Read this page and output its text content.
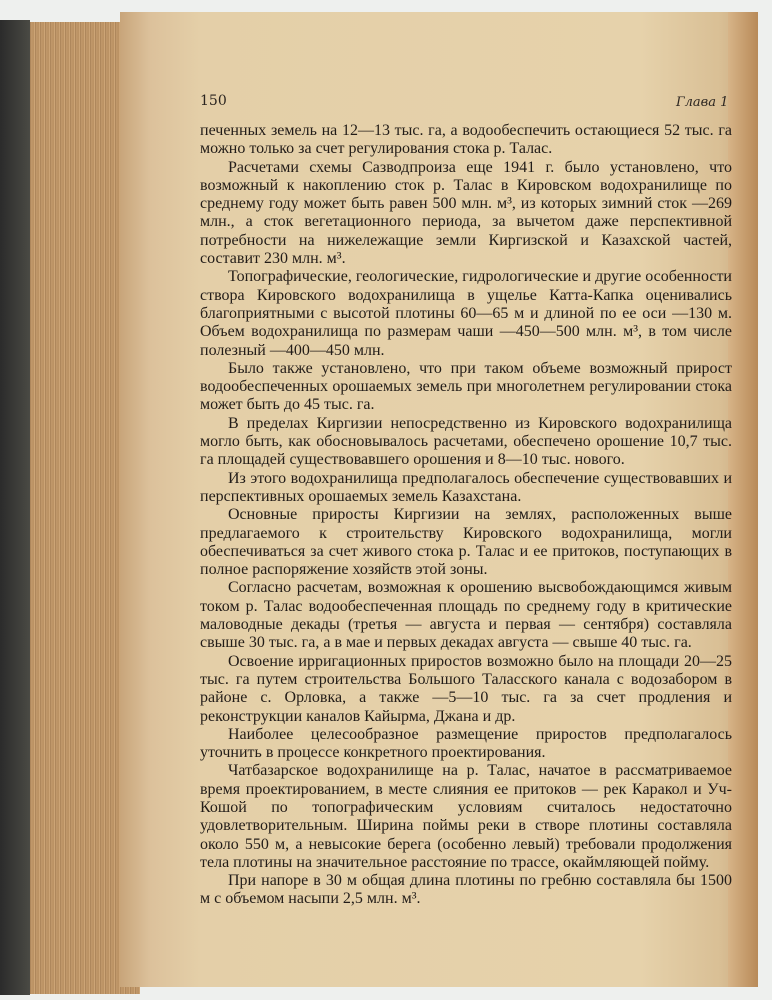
150	Глава 1

печенных земель на 12—13 тыс. га, а водообеспечить остающиеся 52 тыс. га можно только за счет регулирования стока р. Талас.

Расчетами схемы Сазводпроиза еще 1941 г. было установлено, что возможный к накоплению сток р. Талас в Кировском водохранилище по среднему году может быть равен 500 млн. м³, из которых зимний сток —269 млн., а сток вегетационного периода, за вычетом даже перспективной потребности на нижележащие земли Киргизской и Казахской частей, составит 230 млн. м³.

Топографические, геологические, гидрологические и другие особенности створа Кировского водохранилища в ущелье Катта-Капка оценивались благоприятными с высотой плотины 60—65 м и длиной по ее оси —130 м. Объем водохранилища по размерам чаши —450—500 млн. м³, в том числе полезный —400—450 млн.

Было также установлено, что при таком объеме возможный прирост водообеспеченных орошаемых земель при многолетнем регулировании стока может быть до 45 тыс. га.

В пределах Киргизии непосредственно из Кировского водохранилища могло быть, как обосновывалось расчетами, обеспечено орошение 10,7 тыс. га площадей существовавшего орошения и 8—10 тыс. нового.

Из этого водохранилища предполагалось обеспечение существовавших и перспективных орошаемых земель Казахстана.

Основные приросты Киргизии на землях, расположенных выше предлагаемого к строительству Кировского водохранилища, могли обеспечиваться за счет живого стока р. Талас и ее притоков, поступающих в полное распоряжение хозяйств этой зоны.

Согласно расчетам, возможная к орошению высвобождающимся живым током р. Талас водообеспеченная площадь по среднему году в критические маловодные декады (третья — августа и первая — сентября) составляла свыше 30 тыс. га, а в мае и первых декадах августа — свыше 40 тыс. га.

Освоение ирригационных приростов возможно было на площади 20—25 тыс. га путем строительства Большого Таласского канала с водозабором в районе с. Орловка, а также —5—10 тыс. га за счет продления и реконструкции каналов Кайырма, Джана и др.

Наиболее целесообразное размещение приростов предполагалось уточнить в процессе конкретного проектирования.

Чатбазарское водохранилище на р. Талас, начатое в рассматриваемое время проектированием, в месте слияния ее притоков — рек Каракол и Уч-Кошой по топографическим условиям считалось недостаточно удовлетворительным. Ширина поймы реки в створе плотины составляла около 550 м, а невысокие берега (особенно левый) требовали продолжения тела плотины на значительное расстояние по трассе, окаймляющей пойму.

При напоре в 30 м общая длина плотины по гребню составляла бы 1500 м с объемом насыпи 2,5 млн. м³.
